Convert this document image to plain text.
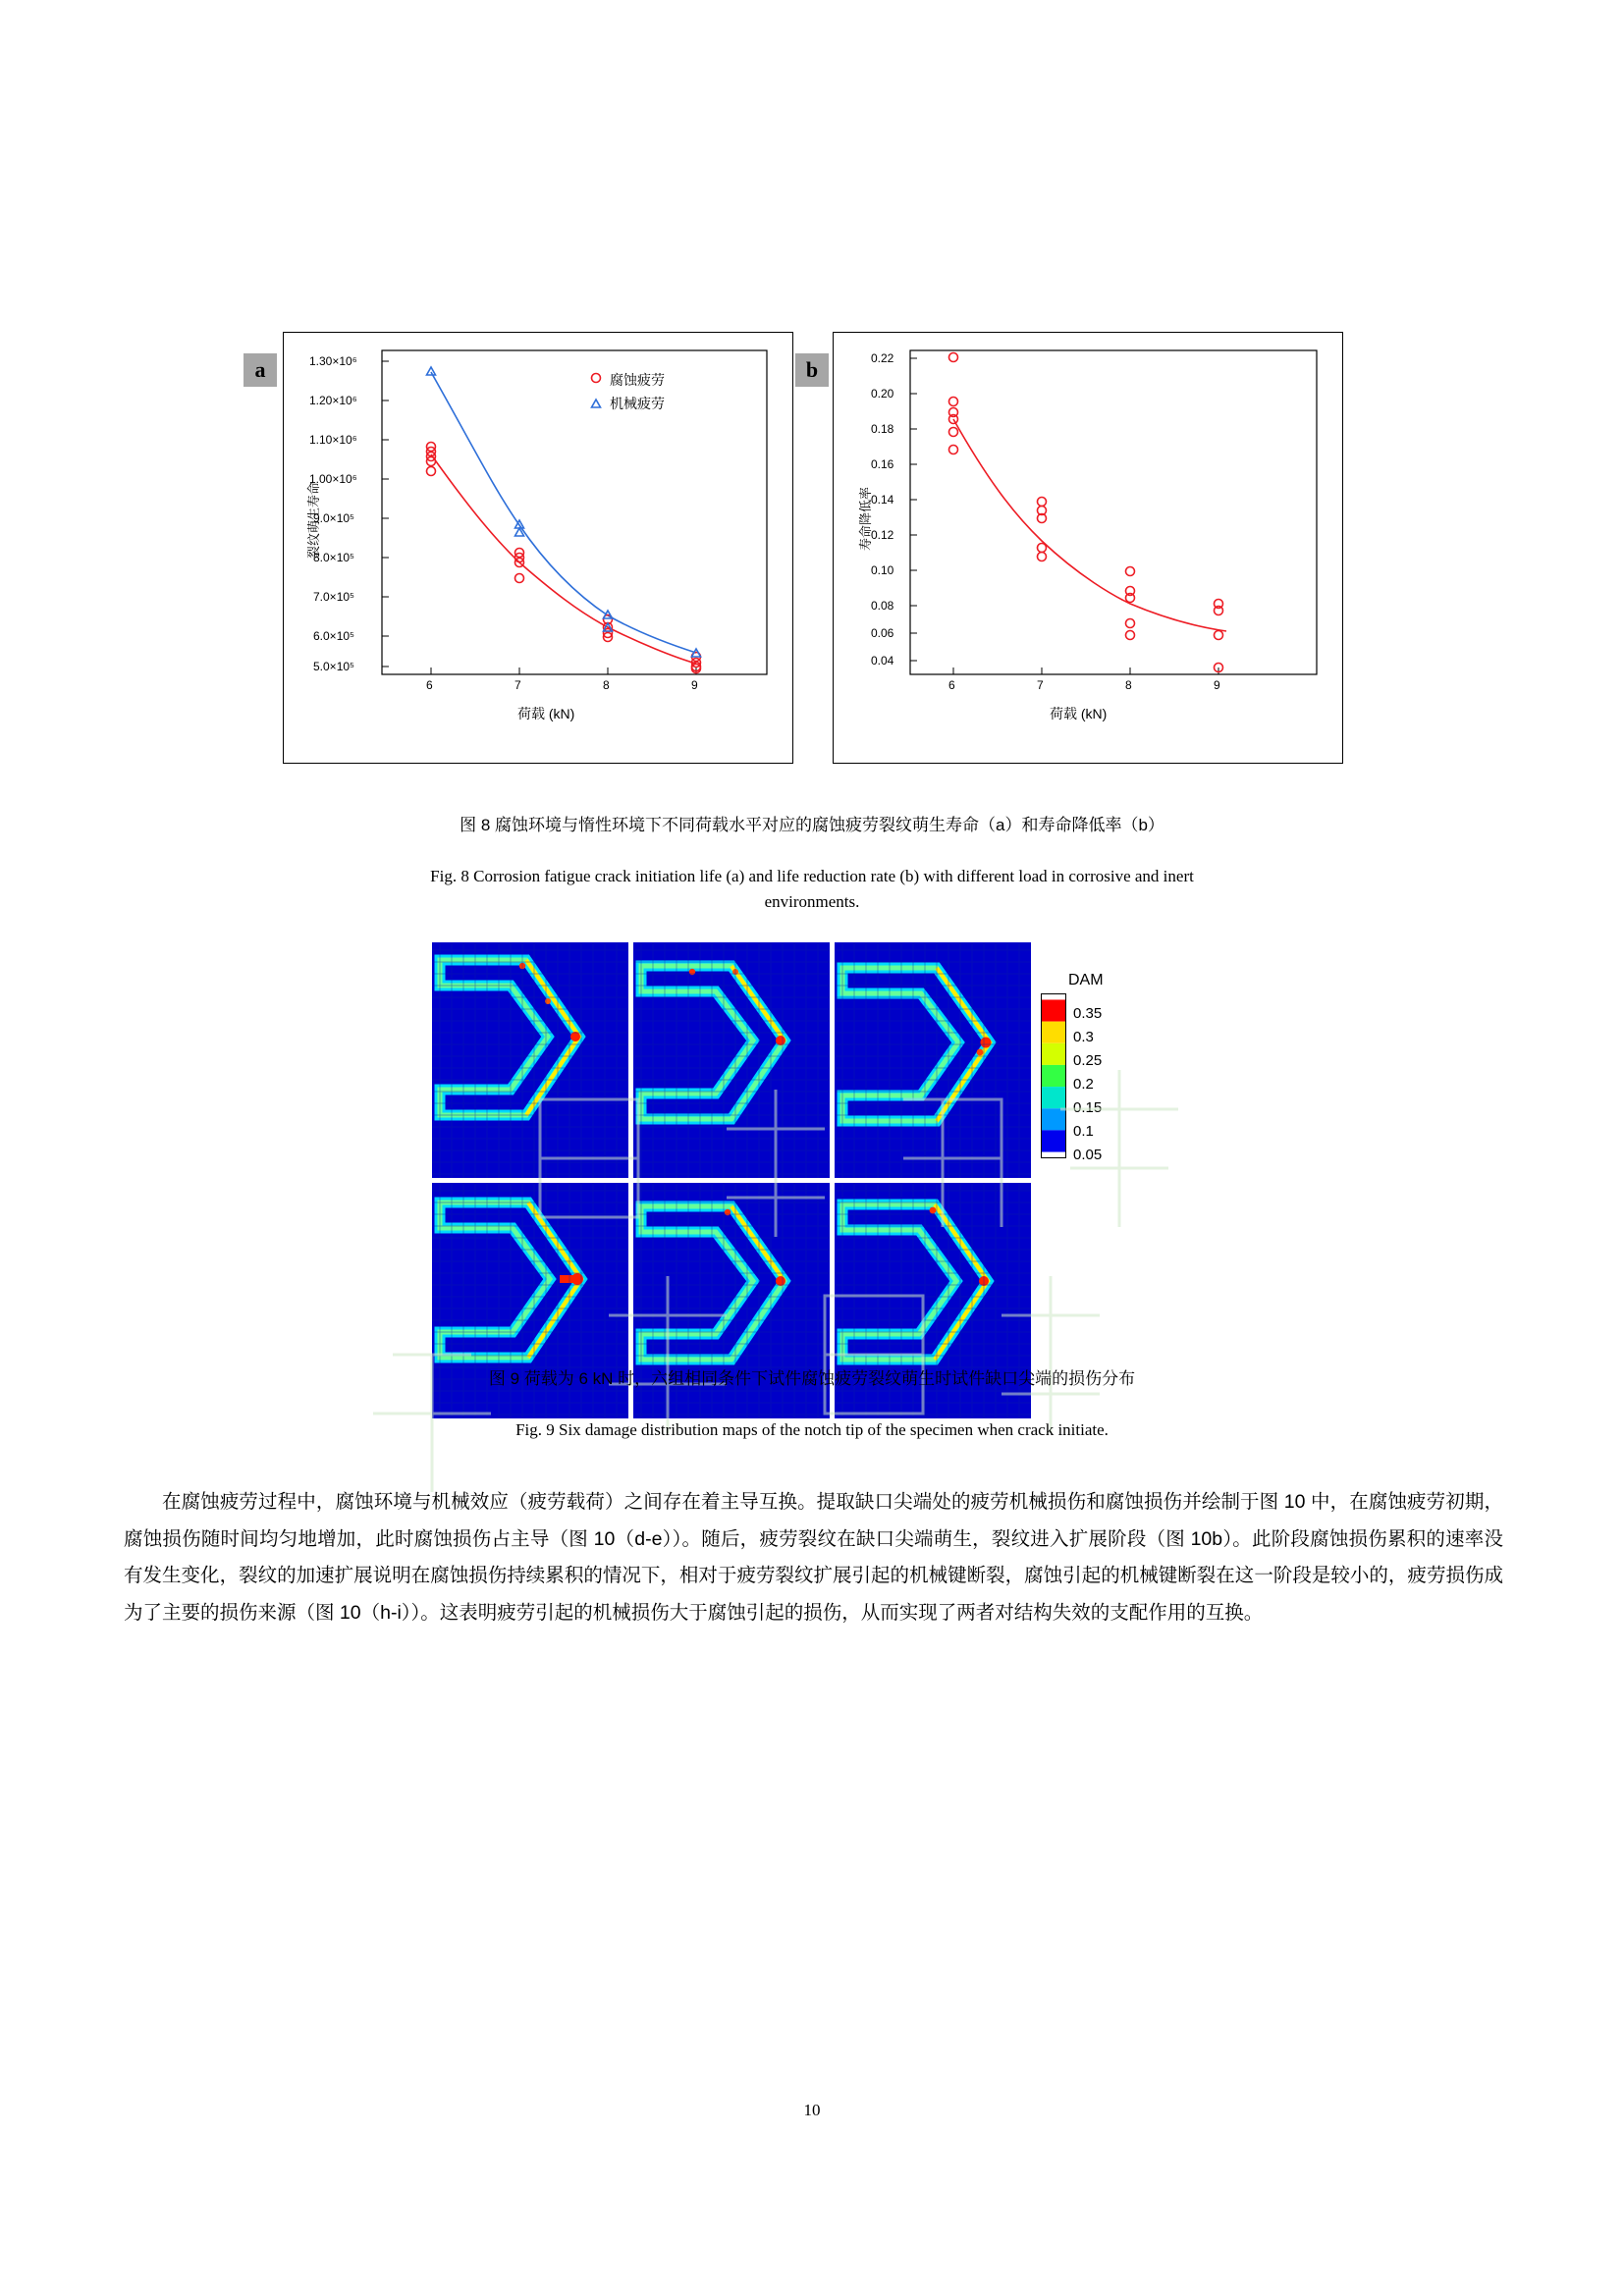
1.30×10⁶
1.20×10⁶
1.10×10⁶
1.00×10⁶
9.0×10⁵
8.0×10⁵
7.0×10⁵
6.0×10⁵
5.0×10⁵
6	7	8	9
荷载 (kN)
裂纹萌生寿命
腐蚀疲劳
机械疲劳
a	0.22
0.20
0.18
0.16
0.14
0.12
0.10
0.08
0.06
0.04
6	7	8	9
荷载 (kN)
寿命降低率
b
图 8 腐蚀环境与惰性环境下不同荷载水平对应的腐蚀疲劳裂纹萌生寿命（a）和寿命降低率（b）
Fig. 8 Corrosion fatigue crack initiation life (a) and life reduction rate (b) with different load in corrosive and inert
environments.
DAM
0.35
0.3
0.25
0.2
0.15
0.1
0.05
图 9 荷载为 6 kN 时，六组相同条件下试件腐蚀疲劳裂纹萌生时试件缺口尖端的损伤分布
Fig. 9 Six damage distribution maps of the notch tip of the specimen when crack initiate.
在腐蚀疲劳过程中，腐蚀环境与机械效应（疲劳载荷）之间存在着主导互换。提取缺口尖端处的疲劳机械损伤和腐蚀损伤并绘制于图 10 中，在腐蚀疲劳初期，腐蚀损伤随时间均匀地增加，此时腐蚀损伤占主导（图 10（d-e））。随后，疲劳裂纹在缺口尖端萌生，裂纹进入扩展阶段（图 10b）。此阶段腐蚀损伤累积的速率没有发生变化，裂纹的加速扩展说明在腐蚀损伤持续累积的情况下，相对于疲劳裂纹扩展引起的机械键断裂，腐蚀引起的机械键断裂在这一阶段是较小的，疲劳损伤成为了主要的损伤来源（图 10（h-i））。这表明疲劳引起的机械损伤大于腐蚀引起的损伤，从而实现了两者对结构失效的支配作用的互换。
10
